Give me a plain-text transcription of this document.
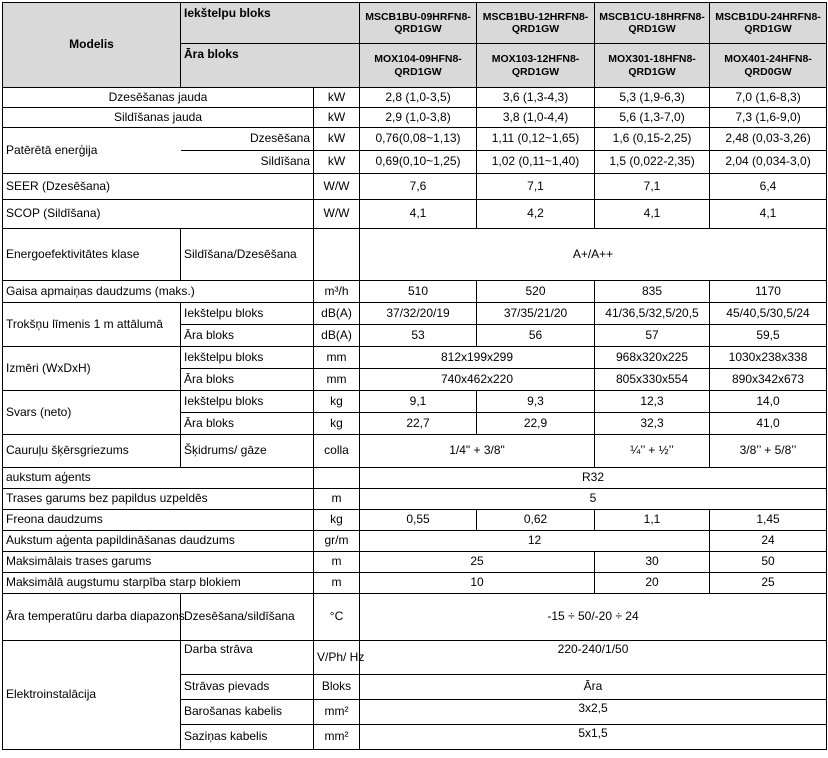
Modelis	Iekštelpu bloks		MSCB1BU-09HRFN8-
QRD1GW	MSCB1BU-12HRFN8-
QRD1GW	MSCB1CU-18HRFN8-
QRD1GW	MSCB1DU-24HRFN8-
QRD1GW

	Āra bloks		MOX104-09HFN8-
QRD1GW	MOX103-12HFN8-
QRD1GW	MOX301-18HFN8-
QRD1GW	MOX401-24HFN8-
QRD0GW

Dzesēšanas jauda		kW	2,8 (1,0-3,5)	3,6 (1,3-4,3)	5,3 (1,9-6,3)	7,0 (1,6-8,3)
Sildīšanas jauda		kW	2,9 (1,0-3,8)	3,8 (1,0-4,4)	5,6 (1,3-7,0)	7,3 (1,6-9,0)
Patērētā enerģija	Dzesēšana	kW	0,76(0,08~1,13)	1,11 (0,12~1,65)	1,6 (0,15-2,25)	2,48 (0,03-3,26)
	Sildīšana	kW	0,69(0,10~1,25)	1,02 (0,11~1,40)	1,5 (0,022-2,35)	2,04 (0,034-3,0)
SEER (Dzesēšana)		W/W	7,6	7,1	7,1	6,4
SCOP (Sildīšana)		W/W	4,1	4,2	4,1	4,1
Energoefektivitātes klase	Sildīšana/Dzesēšana		A+/A++			
Gaisa apmaiņas daudzums (maks.)		m³/h	510	520	835	1170
Trokšņu līmenis 1 m attālumā	Iekštelpu bloks	dB(A)	37/32/20/19	37/35/21/20	41/36,5/32,5/20,5	45/40,5/30,5/24
	Āra bloks	dB(A)	53	56	57	59,5
Izmēri (WxDxH)	Iekštelpu bloks	mm	812x199x299		968x320x225	1030x238x338
	Āra bloks	mm	740x462x220		805x330x554	890x342x673
Svars (neto)	Iekštelpu bloks	kg	9,1	9,3	12,3	14,0
	Āra bloks	kg	22,7	22,9	32,3	41,0
Cauruļu šķērsgriezums	Šķidrums/ gāze	colla	1/4" + 3/8"		¼’’ + ½’’	3/8’’ + 5/8’’
aukstum aģents			R32			
Trases garums bez papildus uzpeldēs		m	5			
Freona daudzums		kg	0,55	0,62	1,1	1,45
Aukstum aģenta papildināšanas daudzums		gr/m	12			24
Maksimālais trases garums		m	25		30	50
Maksimālā augstumu starpība starp blokiem		m	10		20	25
Āra temperatūru darba diapazons	Dzesēšana/sildīšana	°C	-15 ÷ 50/-20 ÷ 24			
Elektroinstalācija	Darba strāva	V/Ph/ Hz	220-240/1/50			
	Strāvas pievads	Bloks	Āra			
	Barošanas kabelis	mm²	3x2,5			
	Saziņas kabelis	mm²	5x1,5			
